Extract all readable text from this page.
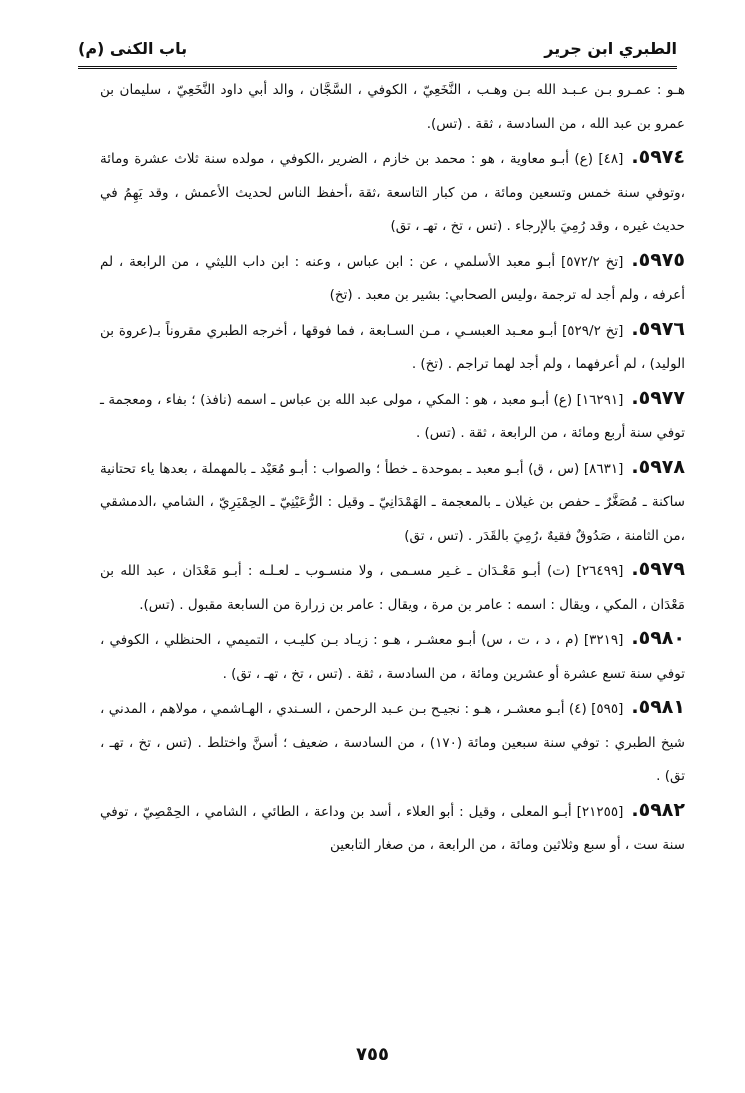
الطبري ابن جرير
باب الكنى (م)

هـو : عمـرو بـن عـبـد الله بـن وهـب ، النَّخَعِيّ ، الكوفي ، السَّجَّان ، والد أبي داود النَّخَعِيّ ، سليمان بن عمرو بن عبد الله ، من السادسة ، ثقة . (تس).

٥٩٧٤.[٤٨] (ع) أبـو معاوية ، هو : محمد بن خازم ، الضرير ،الكوفي ، مولده سنة ثلاث عشرة ومائة ،وتوفي سنة خمس وتسعين ومائة ، من كبار التاسعة ،ثقة ،أحفظ الناس لحديث الأعمش ، وقد يَهِمُ في حديث غيره ، وقد رُمِيَ بالإرجاء . (تس ، تخ ، تهـ ، تق)

٥٩٧٥.[تخ ٥٧٢/٢] أبـو معبد الأسلمي ، عن : ابن عباس ، وعنه : ابن داب الليثي ، من الرابعة ، لم أعرفه ، ولم أجد له ترجمة ،وليس الصحابي: بشير بن معبد . (تخ)

٥٩٧٦.[تخ ٥٢٩/٢] أبـو معـبد العبسـي ، مـن السـابعة ، فما فوقها ، أخرجه الطبري مقروناً بـ(عروة بن الوليد) ، لم أعرفهما ، ولم أجد لهما تراجم . (تخ) .

٥٩٧٧.[١٦٢٩١] (ع) أبـو معبد ، هو : المكي ، مولى عبد الله بن عباس ـ اسمه (نافذ) ؛ بفاء ، ومعجمة ـ توفي سنة أربع ومائة ، من الرابعة ، ثقة . (تس) .

٥٩٧٨.[٨٦٣١] (س ، ق) أبـو معبد ـ بموحدة ـ خطأ ؛ والصواب : أبـو مُعَيْد ـ بالمهملة ، بعدها ياء تحتانية ساكنة ـ مُصَغَّرٌ ـ حفص بن غيلان ـ بالمعجمة ـ الهَمْدَانِيّ ـ وقيل : الرُّعَيْنِيّ ـ الحِمْيَرِيّ ، الشامي ،الدمشقي ،من الثامنة ، صَدُوقٌ فقيهٌ ،رُمِيَ بالقَدَر . (تس ، تق)

٥٩٧٩.[٢٦٤٩٩] (ت) أبـو مَعْـدَان ـ غـير مسـمى ، ولا منسـوب ـ لعـلـه : أبـو مَعْدَان ، عبد الله بن مَعْدَان ، المكي ، ويقال : اسمه : عامر بن مرة ، ويقال : عامر بن زرارة من السابعة مقبول . (تس).

٥٩٨٠.[٣٢١٩] (م ، د ، ت ، س) أبـو معشـر ، هـو : زيـاد بـن كليـب ، التميمي ، الحنظلي ، الكوفي ، توفي سنة تسع عشرة أو عشرين ومائة ، من السادسة ، ثقة . (تس ، تخ ، تهـ ، تق) .

٥٩٨١.[٥٩٥] (٤) أبـو معشـر ، هـو : نجيـح بـن عـبد الرحمن ، السـندي ، الهـاشمي ، مولاهم ، المدني ، شيخ الطبري : توفي سنة سبعين ومائة (١٧٠) ، من السادسة ، ضعيف ؛ أسنَّ واختلط . (تس ، تخ ، تهـ ، تق) .

٥٩٨٢.[٢١٢٥٥] أبـو المعلى ، وقيل : أبو العلاء ، أسد بن وداعة ، الطائي ، الشامي ، الحِمْصِيّ ، توفي سنة ست ، أو سبع وثلاثين ومائة ، من الرابعة ، من صغار التابعين

٧٥٥
